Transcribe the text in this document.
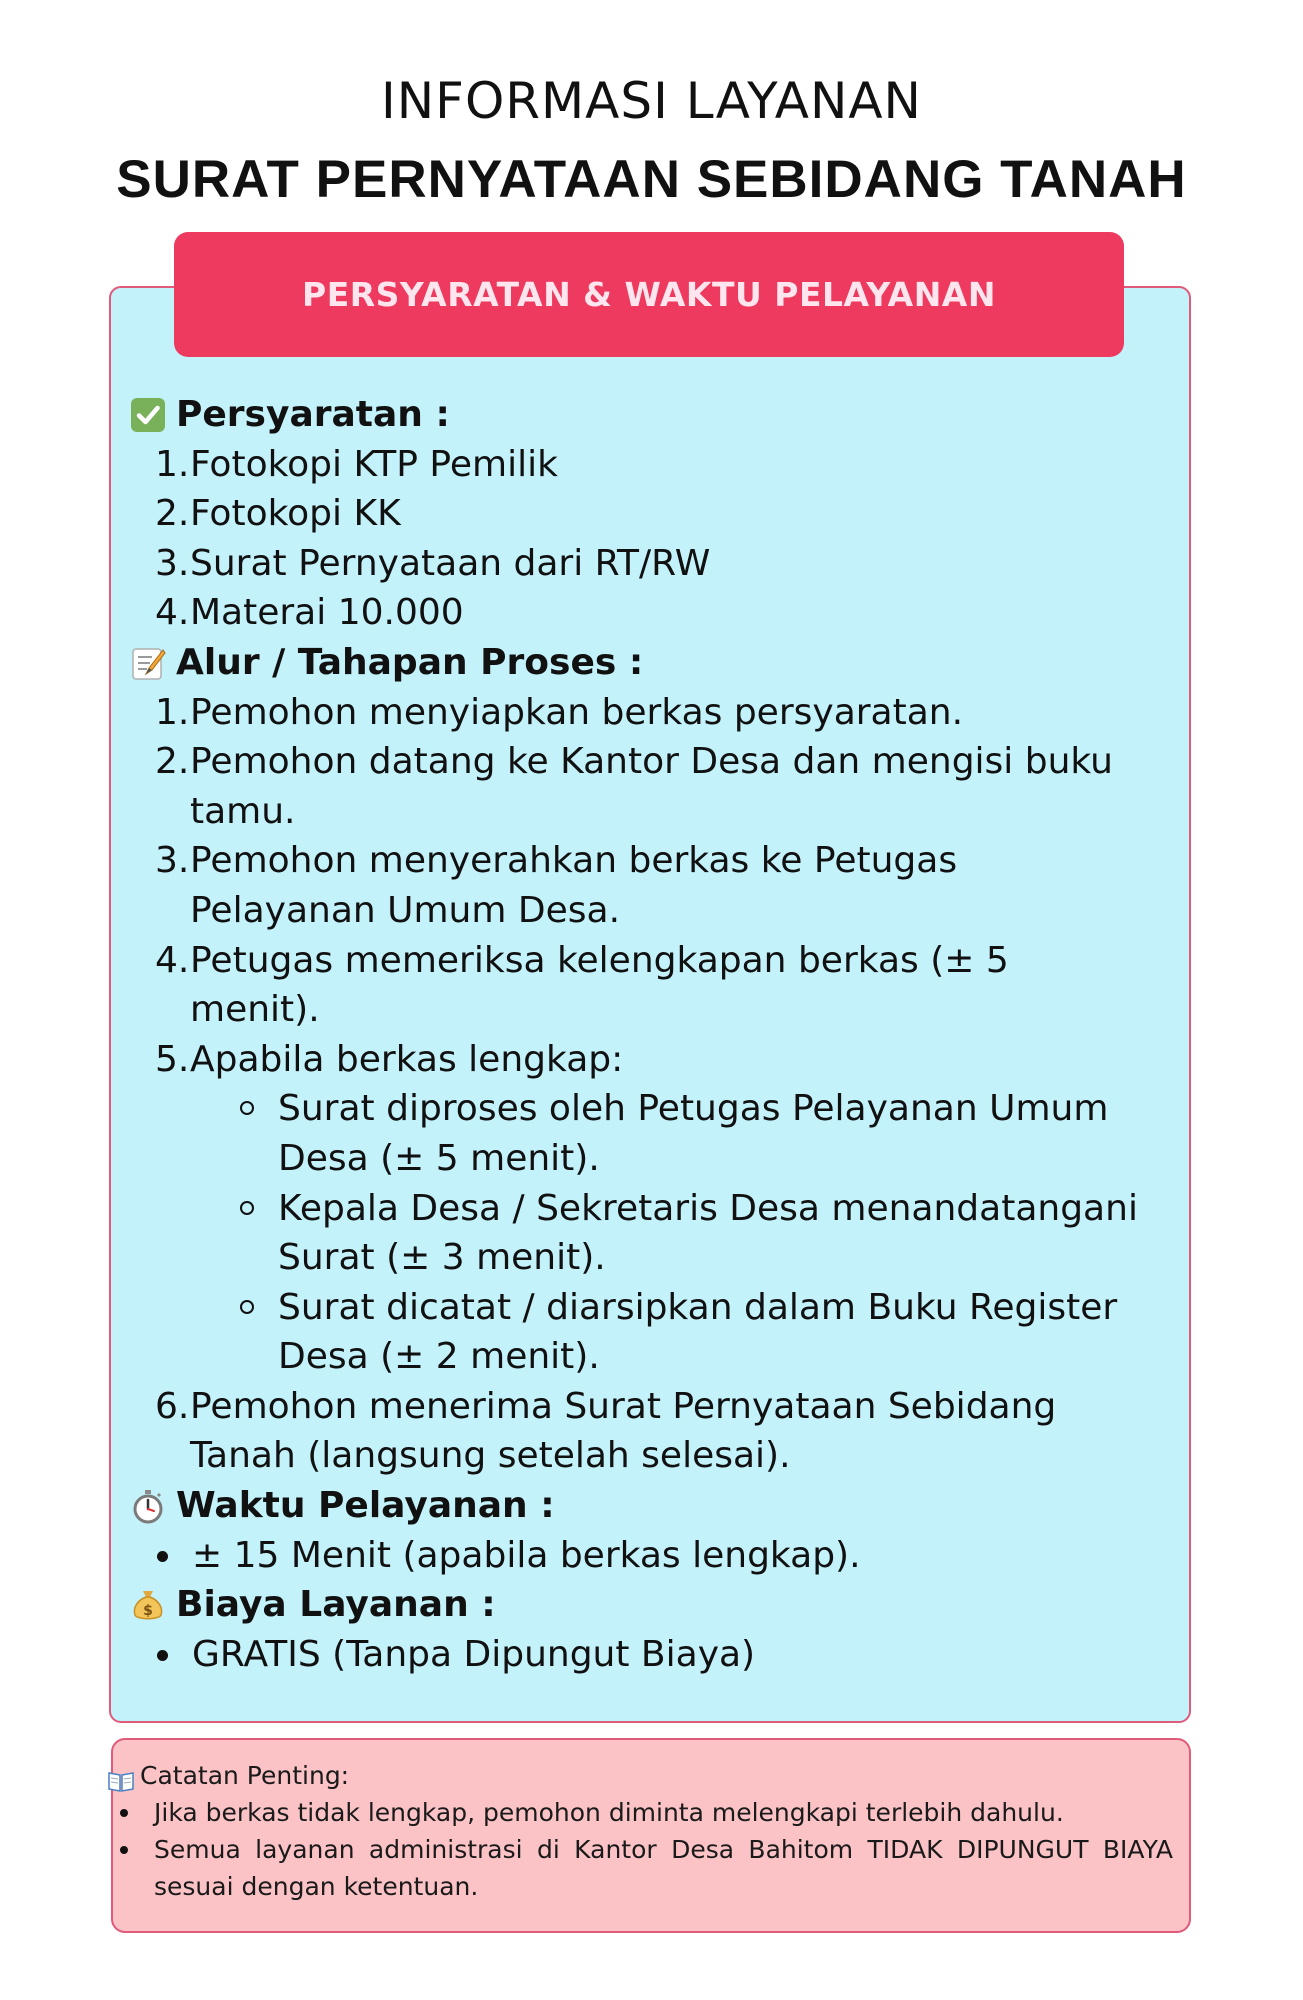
INFORMASI LAYANAN
SURAT PERNYATAAN SEBIDANG TANAH
PERSYARATAN & WAKTU PELAYANAN
Persyaratan :
1. Fotokopi KTP Pemilik
2. Fotokopi KK
3. Surat Pernyataan dari RT/RW
4. Materai 10.000
Alur / Tahapan Proses :
1. Pemohon menyiapkan berkas persyaratan.
2. Pemohon datang ke Kantor Desa dan mengisi buku tamu.
3. Pemohon menyerahkan berkas ke Petugas Pelayanan Umum Desa.
4. Petugas memeriksa kelengkapan berkas (± 5 menit).
5. Apabila berkas lengkap:
Surat diproses oleh Petugas Pelayanan Umum Desa (± 5 menit).
Kepala Desa / Sekretaris Desa menandatangani Surat (± 3 menit).
Surat dicatat / diarsipkan dalam Buku Register Desa (± 2 menit).
6. Pemohon menerima Surat Pernyataan Sebidang Tanah (langsung setelah selesai).
Waktu Pelayanan :
± 15 Menit (apabila berkas lengkap).
$ Biaya Layanan :
GRATIS (Tanpa Dipungut Biaya)
Catatan Penting:
Jika berkas tidak lengkap, pemohon diminta melengkapi terlebih dahulu.
Semua layanan administrasi di Kantor Desa Bahitom TIDAK DIPUNGUT BIAYA sesuai dengan ketentuan.
